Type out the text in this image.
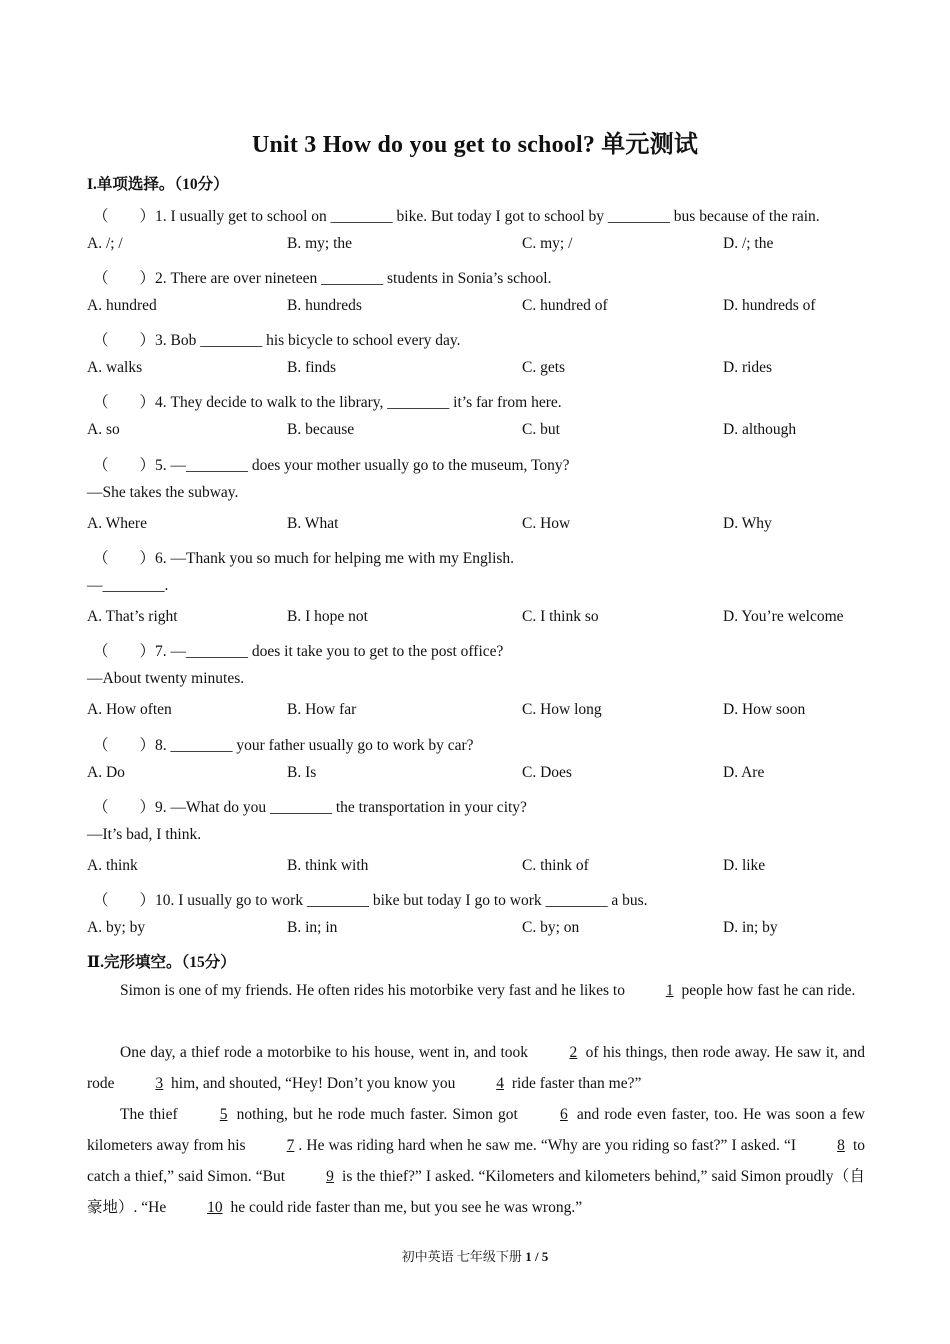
Unit 3 How do you get to school? 单元测试
I.单项选择。（10分）
（　　）1. I usually get to school on ________ bike. But today I got to school by ________ bus because of the rain.
A. /; /	B. my; the	C. my; /	D. /; the
（　　）2. There are over nineteen ________ students in Sonia’s school.
A. hundred	B. hundreds	C. hundred of	D. hundreds of
（　　）3. Bob ________ his bicycle to school every day.
A. walks	B. finds	C. gets	D. rides
（　　）4. They decide to walk to the library, ________ it’s far from here.
A. so	B. because	C. but	D. although
（　　）5. —________ does your mother usually go to the museum, Tony?
—She takes the subway.
A. Where	B. What	C. How	D. Why
（　　）6. —Thank you so much for helping me with my English.
—________.
A. That’s right	B. I hope not	C. I think so	D. You’re welcome
（　　）7. —________ does it take you to get to the post office?
—About twenty minutes.
A. How often	B. How far	C. How long	D. How soon
（　　）8. ________ your father usually go to work by car?
A. Do	B. Is	C. Does	D. Are
（　　）9. —What do you ________ the transportation in your city?
—It’s bad, I think.
A. think	B. think with	C. think of	D. like
（　　）10. I usually go to work ________ bike but today I go to work ________ a bus.
A. by; by	B. in; in	C. by; on	D. in; by
Ⅱ.完形填空。（15分）
Simon is one of my friends. He often rides his motorbike very fast and he likes to 1 people how fast he can ride.
One day, a thief rode a motorbike to his house, went in, and took 2 of his things, then rode away. He saw it, and rode 3 him, and shouted, “Hey! Don’t you know you 4 ride faster than me?”
The thief 5 nothing, but he rode much faster. Simon got 6 and rode even faster, too. He was soon a few kilometers away from his 7 . He was riding hard when he saw me. “Why are you riding so fast?” I asked. “I 8 to catch a thief,” said Simon. “But 9 is the thief?” I asked. “Kilometers and kilometers behind,” said Simon proudly（自豪地）. “He 10 he could ride faster than me, but you see he was wrong.”
初中英语 七年级下册 1 / 5
